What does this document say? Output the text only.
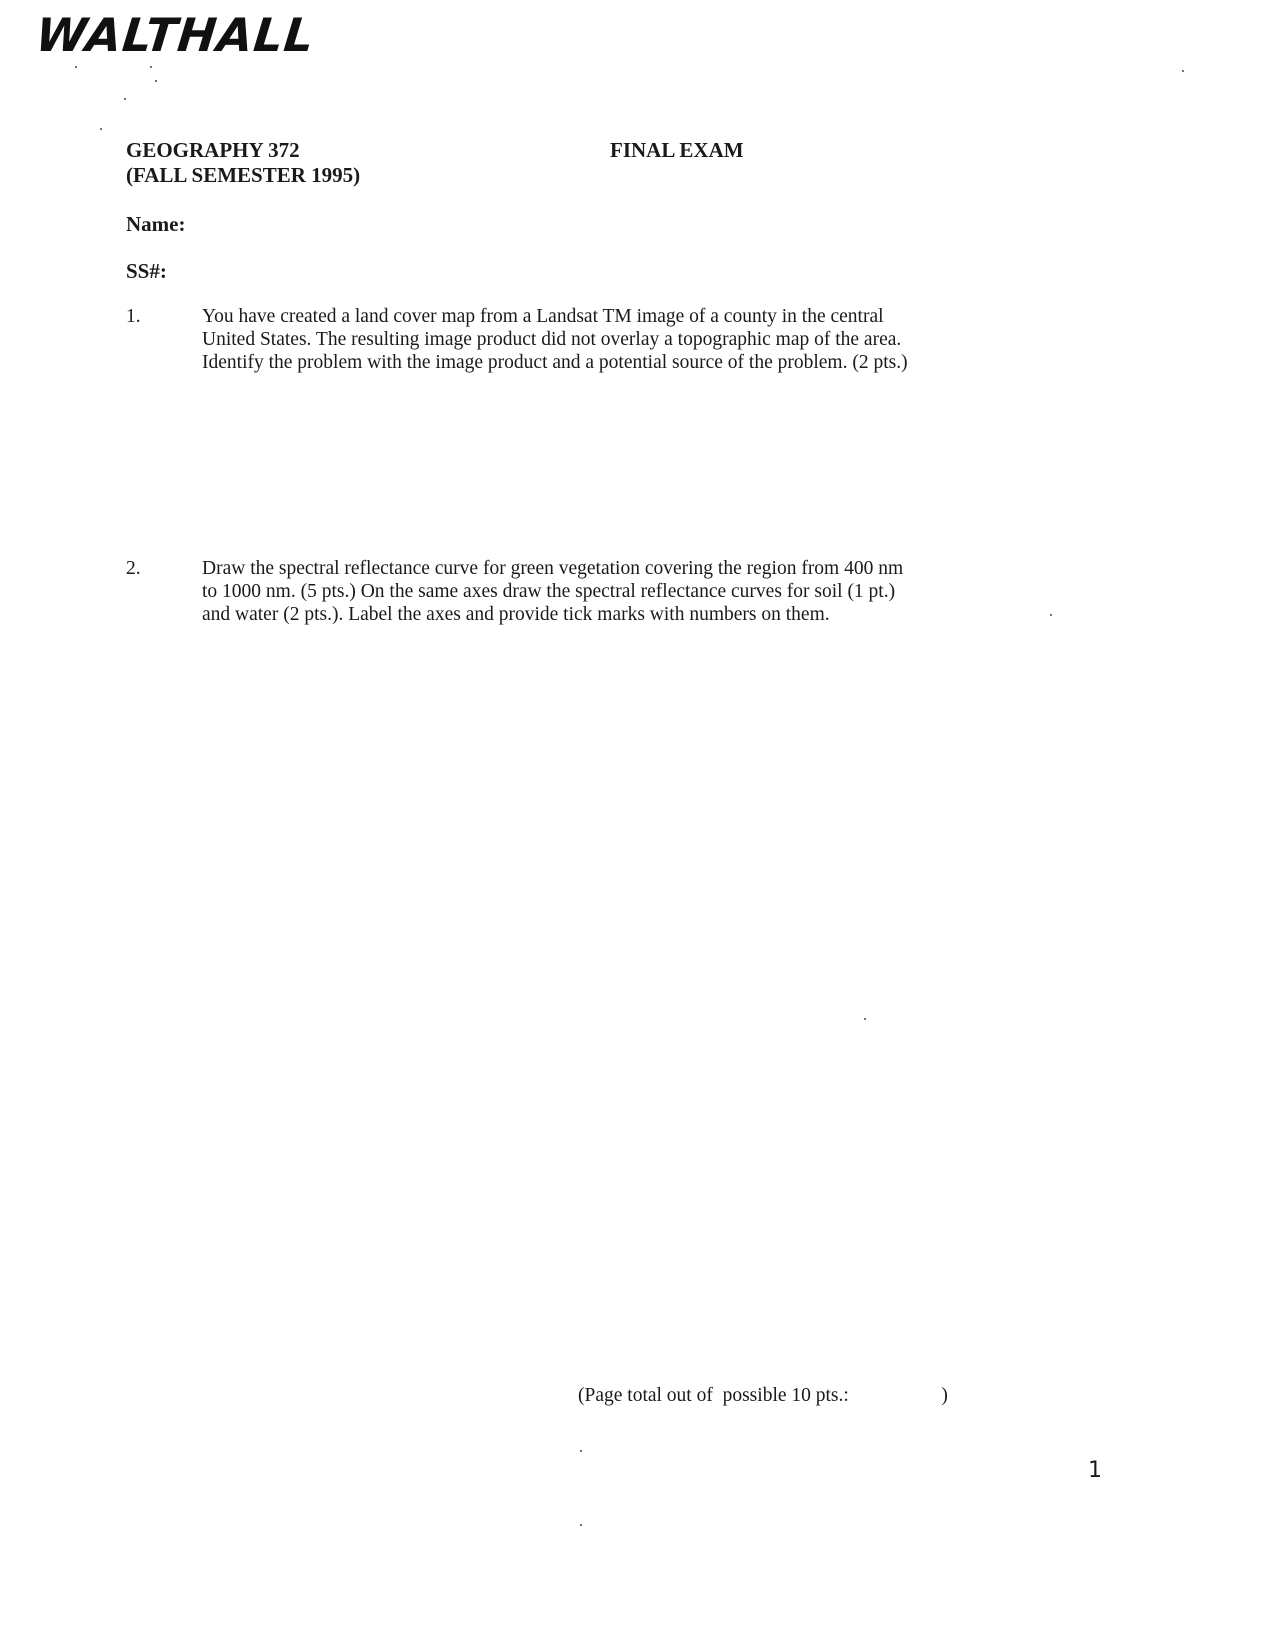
WALTHALL
GEOGRAPHY 372
(FALL SEMESTER 1995)
FINAL EXAM
Name:
SS#:
1.	You have created a land cover map from a Landsat TM image of a county in the central
United States. The resulting image product did not overlay a topographic map of the area.
Identify the problem with the image product and a potential source of the problem. (2 pts.)
2.	Draw the spectral reflectance curve for green vegetation covering the region from 400 nm
to 1000 nm. (5 pts.) On the same axes draw the spectral reflectance curves for soil (1 pt.)
and water (2 pts.). Label the axes and provide tick marks with numbers on them.
(Page total out of  possible 10 pts.:                   )
1
